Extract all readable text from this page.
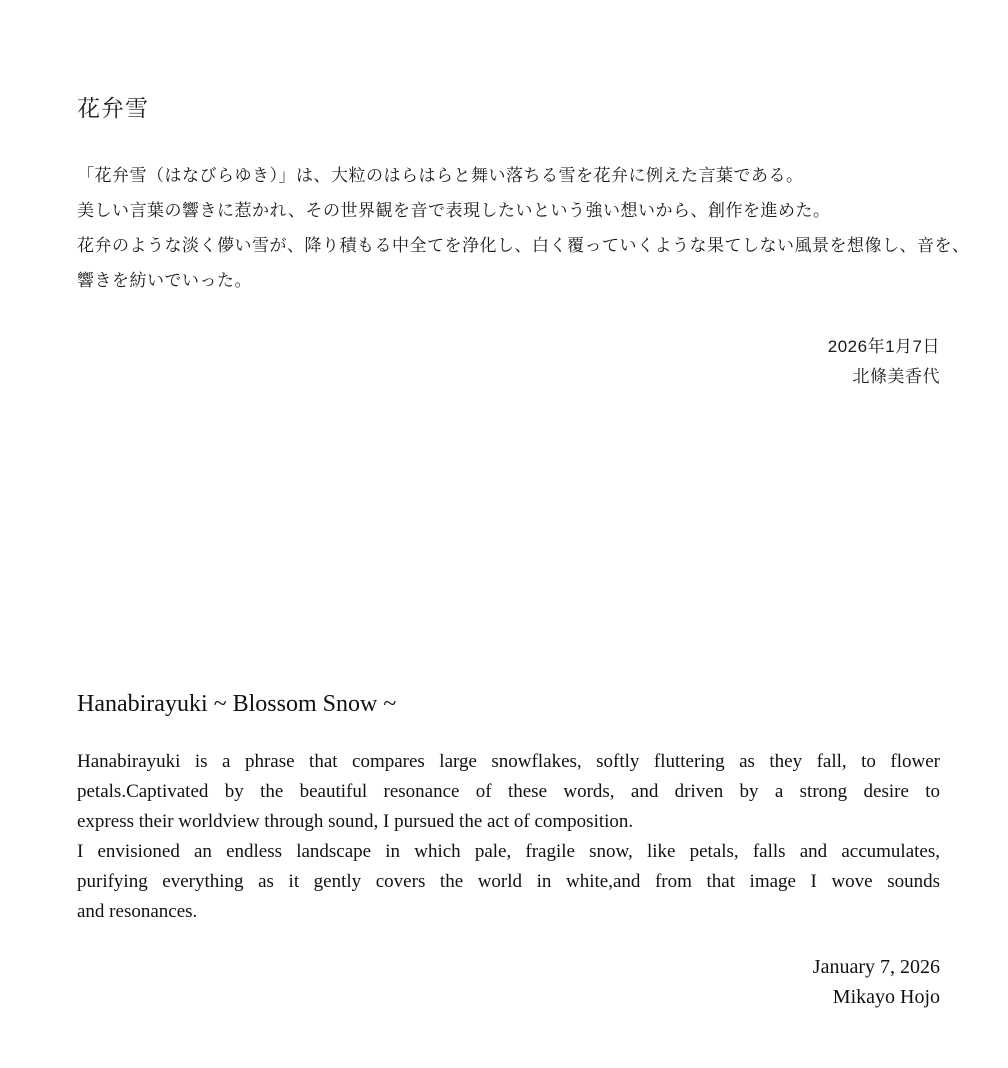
花弁雪
「花弁雪（はなびらゆき）」は、大粒のはらはらと舞い落ちる雪を花弁に例えた言葉である。
美しい言葉の響きに惹かれ、その世界観を音で表現したいという強い想いから、創作を進めた。
花弁のような淡く儚い雪が、降り積もる中全てを浄化し、白く覆っていくような果てしない風景を想像し、音を、
響きを紡いでいった。
2026年1月7日
北條美香代
Hanabirayuki ~ Blossom Snow ~
Hanabirayuki is a phrase that compares large snowflakes, softly fluttering as they fall, to flower
petals.Captivated by the beautiful resonance of these words, and driven by a strong desire to
express their worldview through sound, I pursued the act of composition.
I envisioned an endless landscape in which pale, fragile snow, like petals, falls and accumulates,
purifying everything as it gently covers the world in white,and from that image I wove sounds
and resonances.
January 7, 2026
Mikayo Hojo
